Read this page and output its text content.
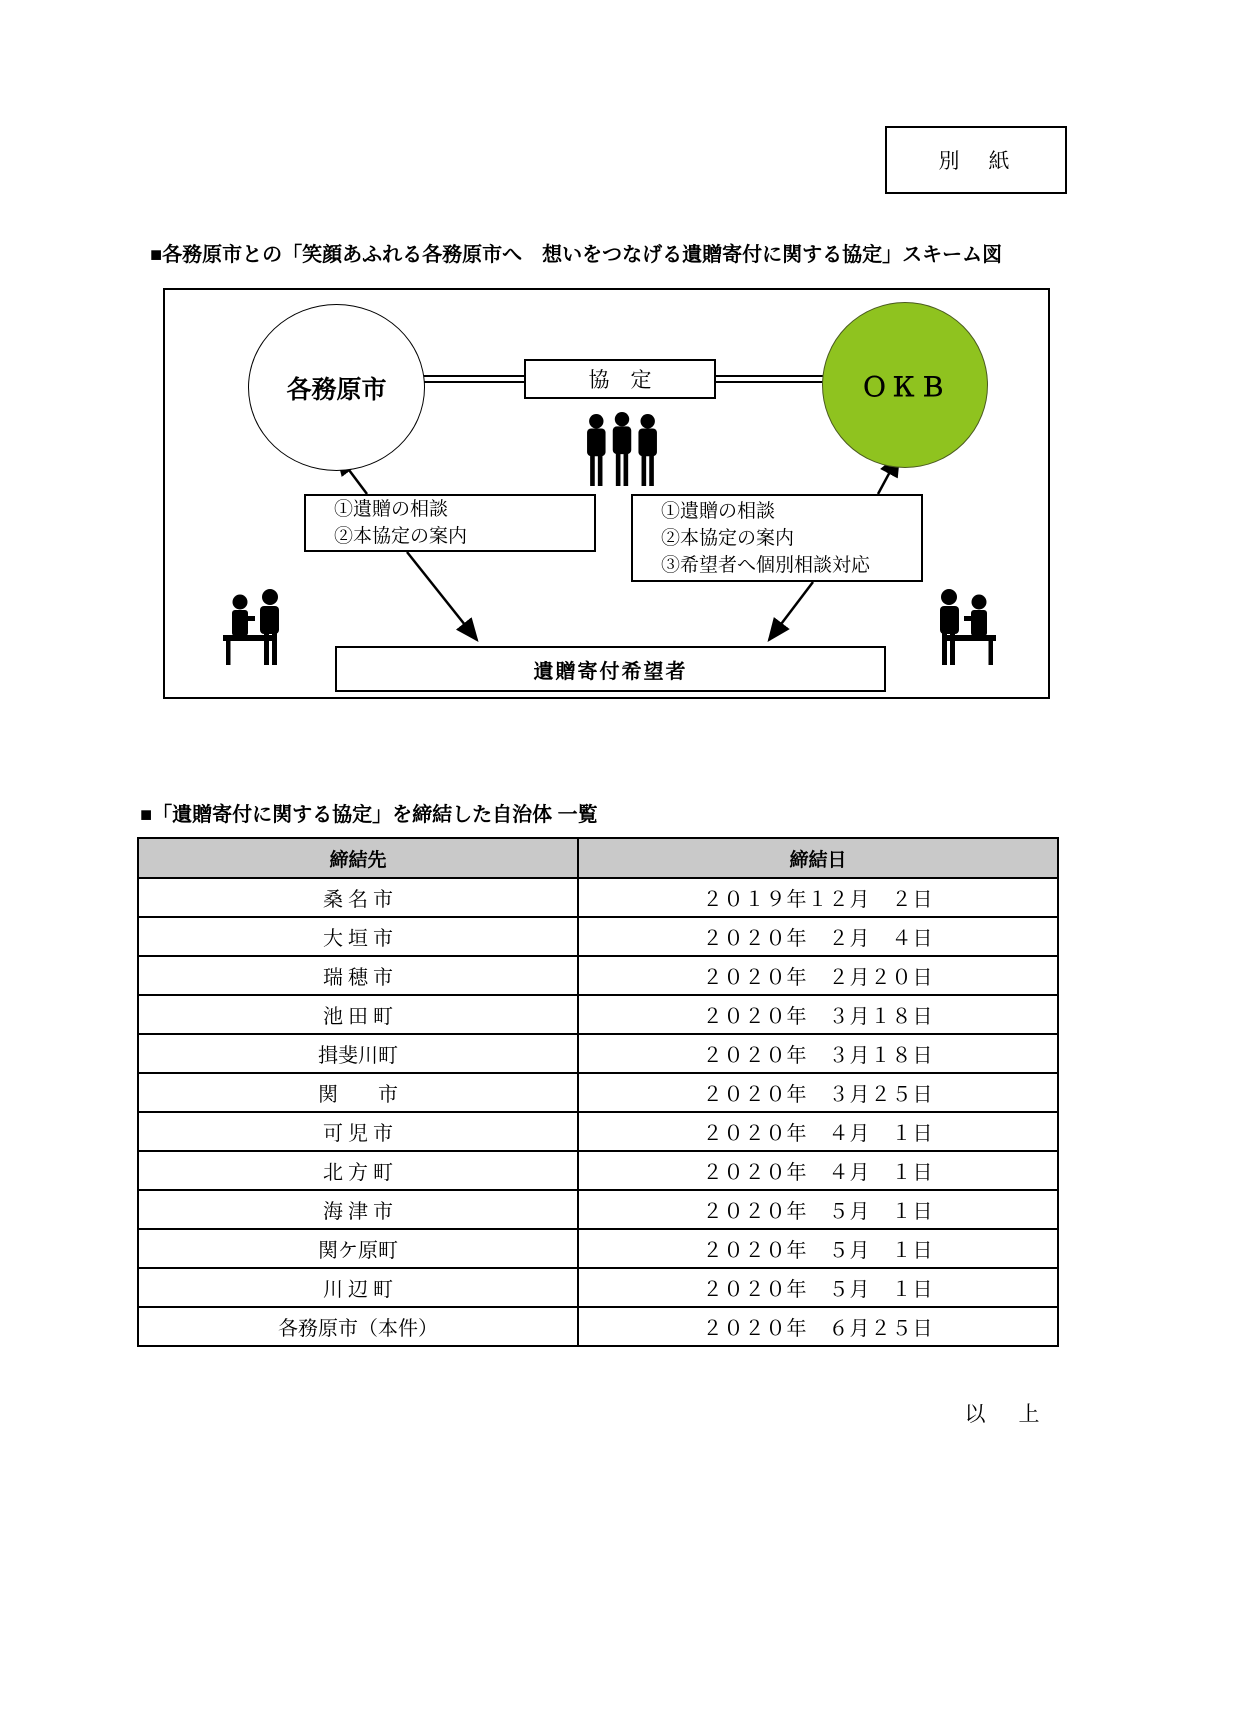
別　紙
■各務原市との「笑顔あふれる各務原市へ　想いをつなげる遺贈寄付に関する協定」スキーム図
各務原市	協　定	ＯＫＢ
①遺贈の相談
②本協定の案内
①遺贈の相談
②本協定の案内
③希望者へ個別相談対応
遺贈寄付希望者
■「遺贈寄付に関する協定」を締結した自治体 一覧
締結先	締結日
桑 名 市	２０１９年１２月　２日
大 垣 市	２０２０年　２月　４日
瑞 穂 市	２０２０年　２月２０日
池 田 町	２０２０年　３月１８日
揖斐川町	２０２０年　３月１８日
関　　市	２０２０年　３月２５日
可 児 市	２０２０年　４月　１日
北 方 町	２０２０年　４月　１日
海 津 市	２０２０年　５月　１日
関ケ原町	２０２０年　５月　１日
川 辺 町	２０２０年　５月　１日
各務原市（本件）	２０２０年　６月２５日
以　上
